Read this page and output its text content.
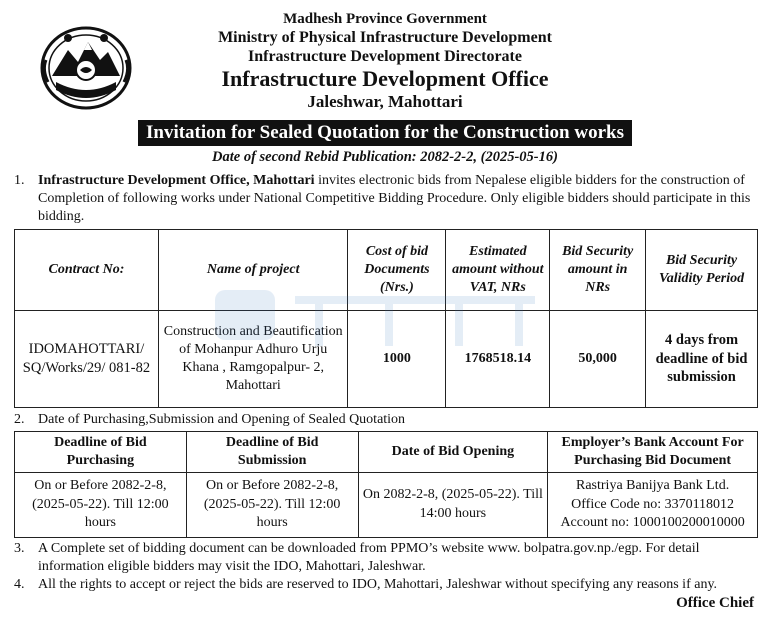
Madhesh Province Government
Ministry of Physical Infrastructure Development
Infrastructure Development Directorate
Infrastructure Development Office
Jaleshwar, Mahottari
Invitation for Sealed Quotation for the Construction works
Date of second Rebid Publication: 2082-2-2, (2025-05-16)
1. Infrastructure Development Office, Mahottari invites electronic bids from Nepalese eligible bidders for the construction of Completion of following works under National Competitive Bidding Procedure. Only eligible bidders should participate in this bidding.
Contract No:	Name of project	Cost of bid Documents (Nrs.)	Estimated amount without VAT, NRs	Bid Security amount in NRs	Bid Security Validity Period
IDOMAHOTTARI/ SQ/Works/29/ 081-82	Construction and Beautification of Mohanpur Adhuro Urju Khana , Ramgopalpur- 2, Mahottari	1000	1768518.14	50,000	4 days from deadline of bid submission
2. Date of Purchasing,Submission and Opening of Sealed Quotation
Deadline of Bid Purchasing	Deadline of Bid Submission	Date of Bid Opening	Employer’s Bank Account For Purchasing Bid Document
On or Before 2082-2-8, (2025-05-22). Till 12:00 hours	On or Before 2082-2-8, (2025-05-22). Till 12:00 hours	On 2082-2-8, (2025-05-22). Till 14:00 hours	Rastriya Banijya Bank Ltd.
Office Code no: 3370118012
Account no: 1000100200010000
3. A Complete set of bidding document can be downloaded from PPMO’s website www. bolpatra.gov.np./egp. For detail information eligible bidders may visit the IDO, Mahottari, Jaleshwar.
4. All the rights to accept or reject the bids are reserved to IDO, Mahottari, Jaleshwar without specifying any reasons if any.
Office Chief
